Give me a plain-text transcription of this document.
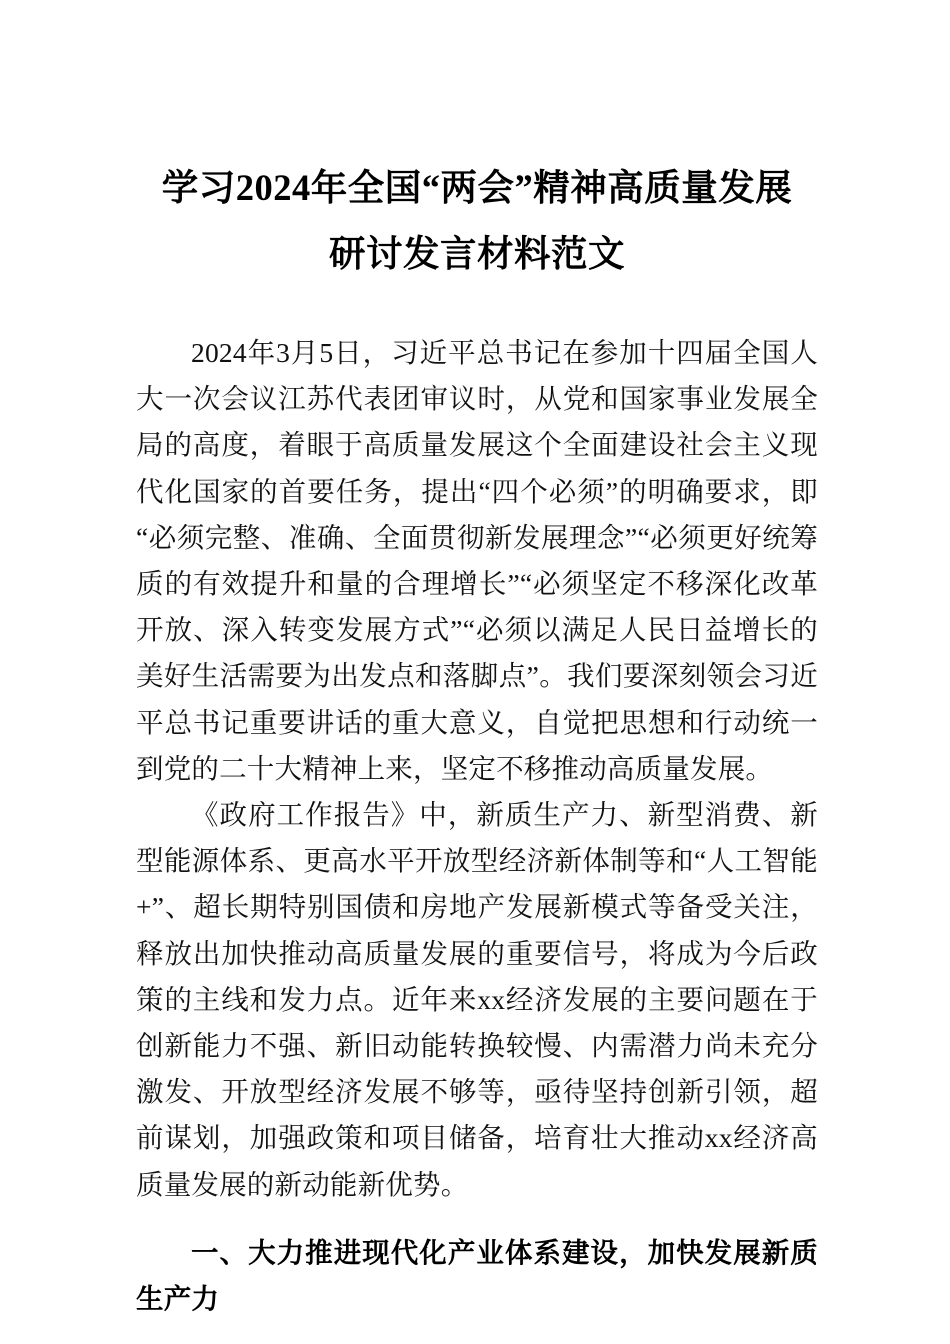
学习2024年全国“两会”精神高质量发展
研讨发言材料范文

2024年3月5日，习近平总书记在参加十四届全国人大一次会议江苏代表团审议时，从党和国家事业发展全局的高度，着眼于高质量发展这个全面建设社会主义现代化国家的首要任务，提出“四个必须”的明确要求，即“必须完整、准确、全面贯彻新发展理念”“必须更好统筹质的有效提升和量的合理增长”“必须坚定不移深化改革开放、深入转变发展方式”“必须以满足人民日益增长的美好生活需要为出发点和落脚点”。我们要深刻领会习近平总书记重要讲话的重大意义，自觉把思想和行动统一到党的二十大精神上来，坚定不移推动高质量发展。

《政府工作报告》中，新质生产力、新型消费、新型能源体系、更高水平开放型经济新体制等和“人工智能+”、超长期特别国债和房地产发展新模式等备受关注，释放出加快推动高质量发展的重要信号，将成为今后政策的主线和发力点。近年来xx经济发展的主要问题在于创新能力不强、新旧动能转换较慢、内需潜力尚未充分激发、开放型经济发展不够等，亟待坚持创新引领，超前谋划，加强政策和项目储备，培育壮大推动xx经济高质量发展的新动能新优势。

一、大力推进现代化产业体系建设，加快发展新质生产力
